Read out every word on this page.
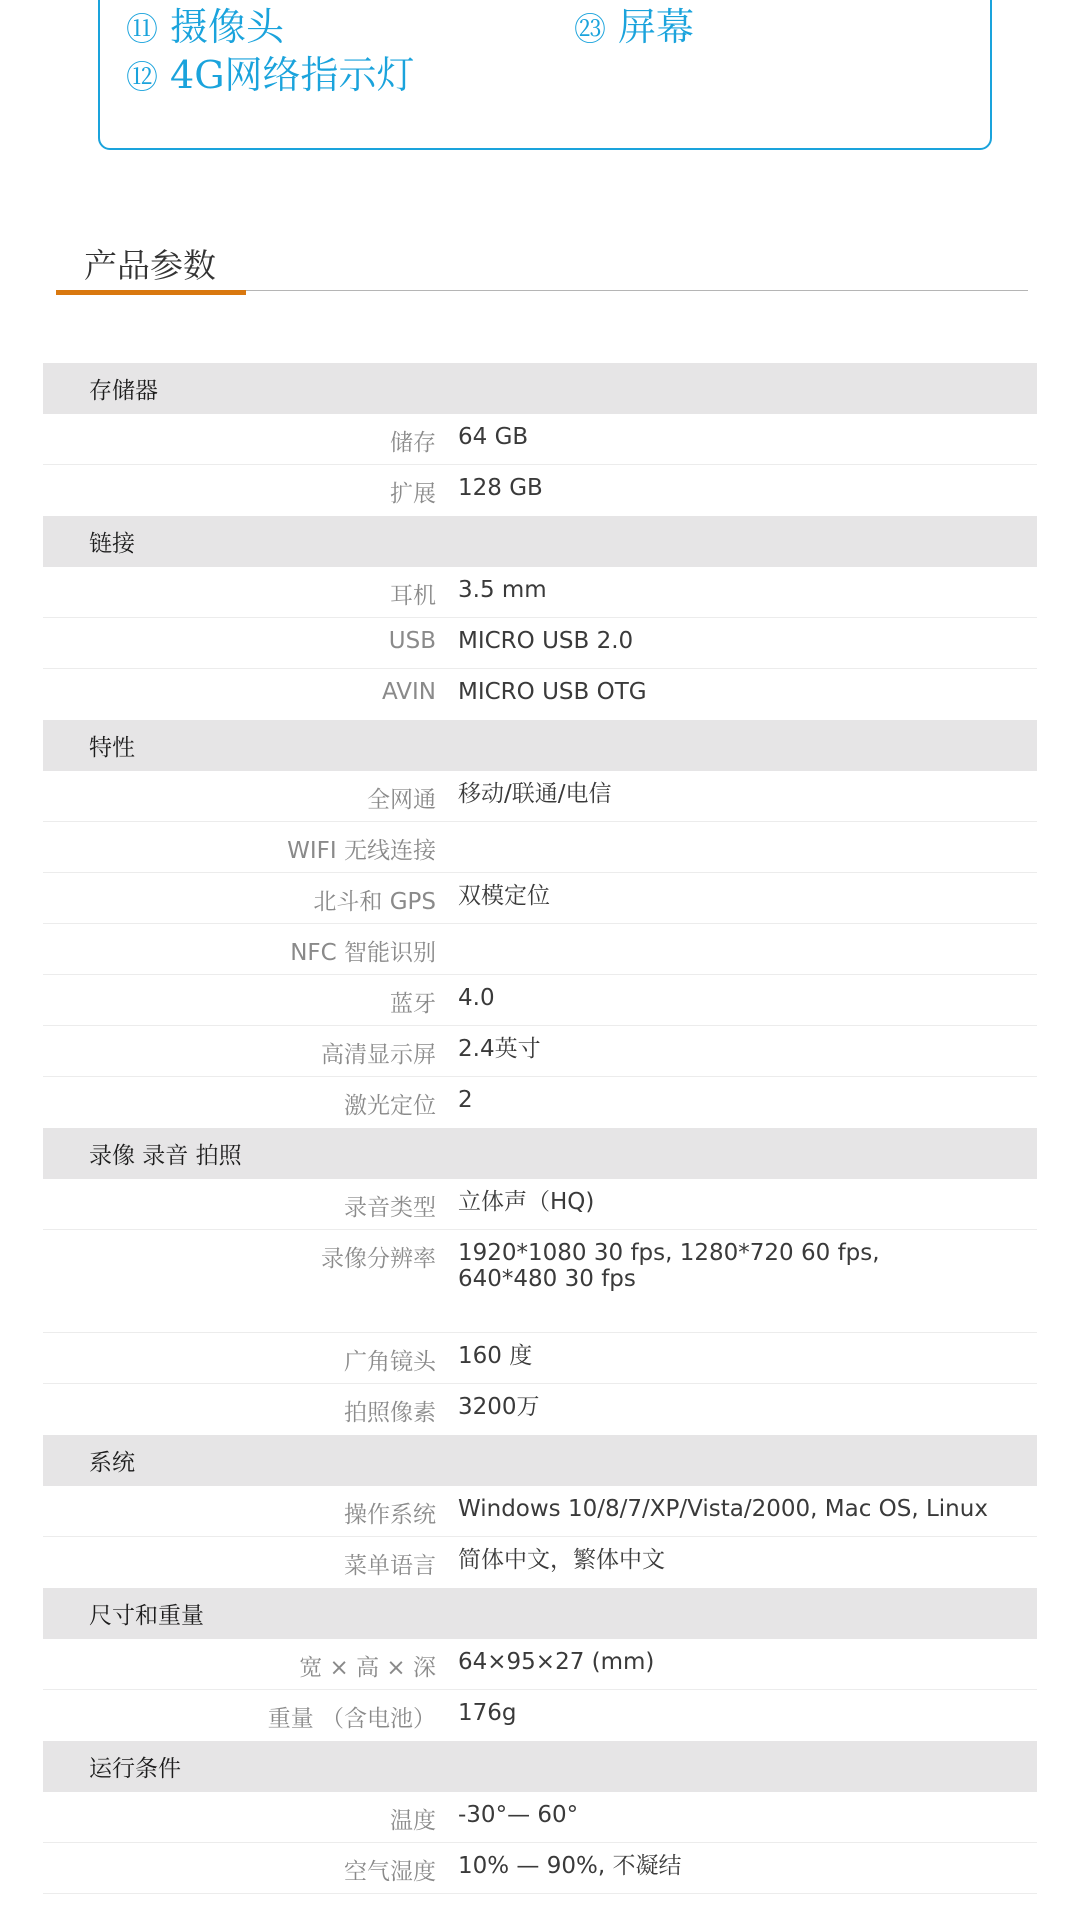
⑪ 摄像头
⑫ 4G网络指示灯
㉓ 屏幕
产品参数
存储器
储存 64 GB
扩展 128 GB
链接
耳机 3.5 mm
USB MICRO USB 2.0
AVIN MICRO USB OTG
特性
全网通 移动/联通/电信
WIFI 无线连接
北斗和 GPS 双模定位
NFC 智能识别
蓝牙 4.0
高清显示屏 2.4英寸
激光定位 2
录像 录音 拍照
录音类型 立体声（HQ)
录像分辨率 1920*1080 30 fps, 1280*720 60 fps,
640*480 30 fps
广角镜头 160 度
拍照像素 3200万
系统
操作系统 Windows 10/8/7/XP/Vista/2000, Mac OS, Linux
菜单语言 简体中文，繁体中文
尺寸和重量
宽 × 高 × 深 64×95×27 (mm)
重量 （含电池） 176g
运行条件
温度 -30°— 60°
空气湿度 10% — 90%, 不凝结
